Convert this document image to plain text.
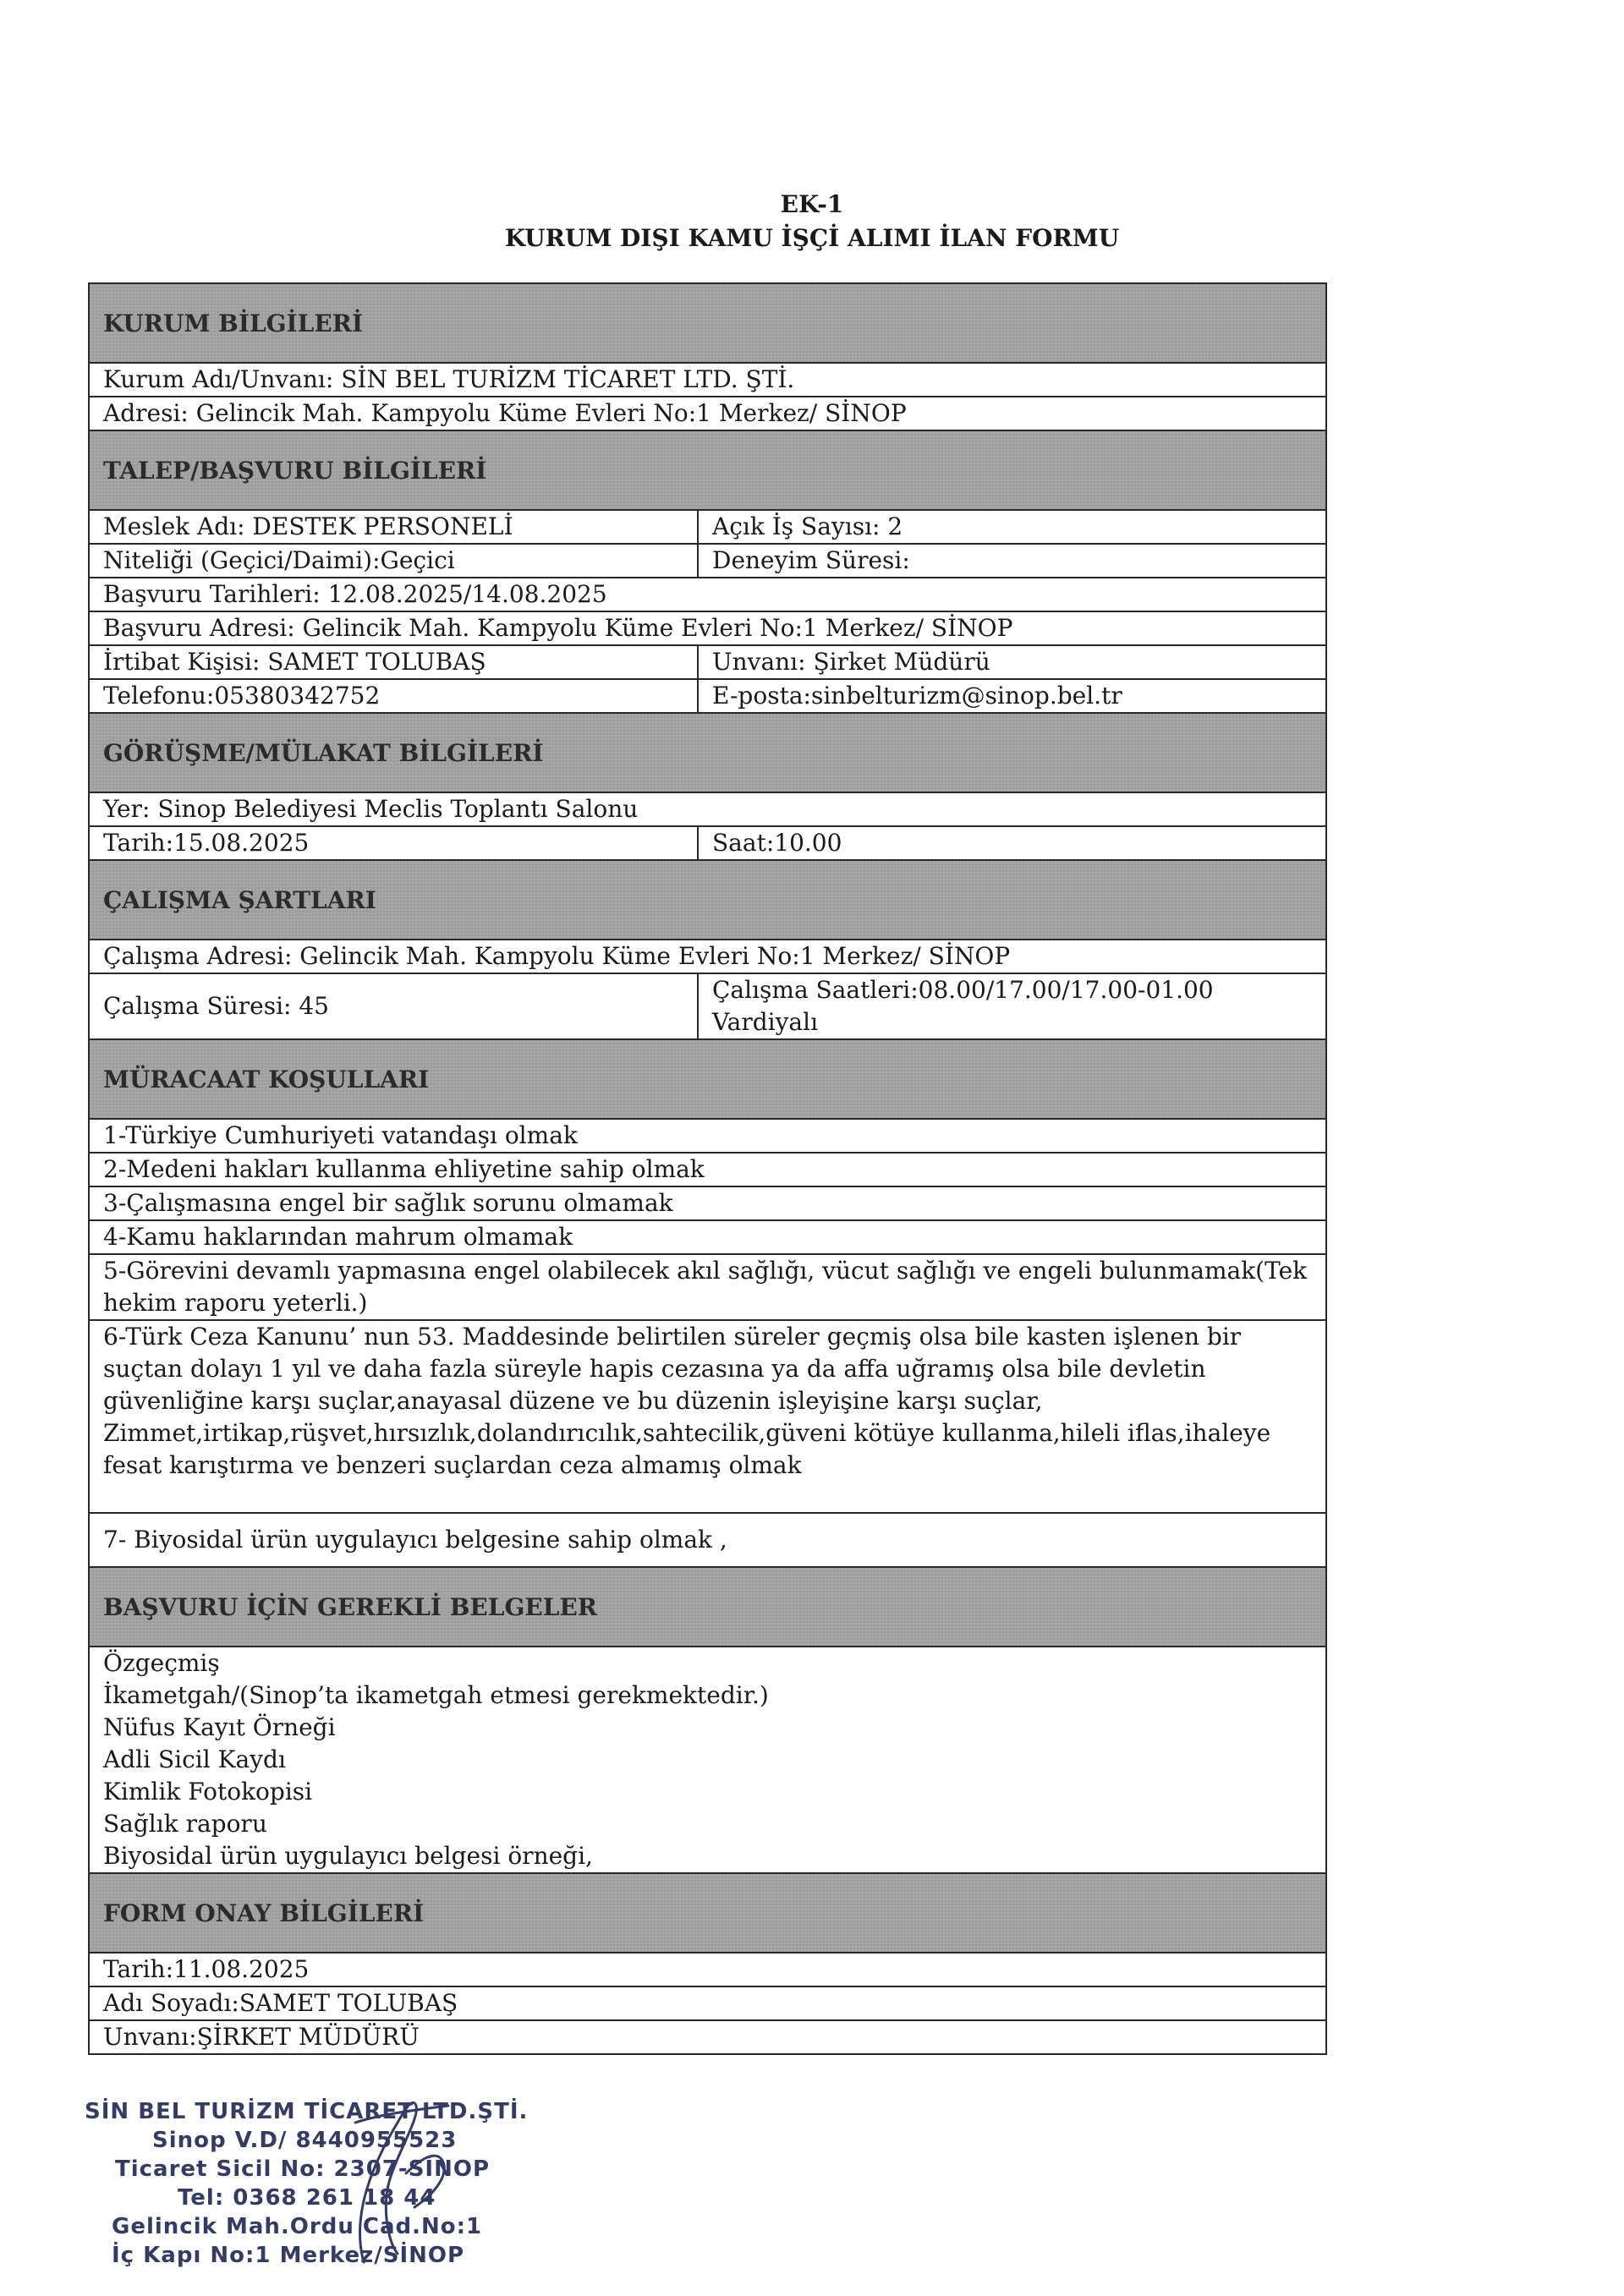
EK-1
KURUM DIŞI KAMU İŞÇİ ALIMI İLAN FORMU
KURUM BİLGİLERİ
Kurum Adı/Unvanı: SİN BEL TURİZM TİCARET LTD. ŞTİ.
Adresi: Gelincik Mah. Kampyolu Küme Evleri No:1 Merkez/ SİNOP
TALEP/BAŞVURU BİLGİLERİ
Meslek Adı: DESTEK PERSONELİ	Açık İş Sayısı: 2
Niteliği (Geçici/Daimi):Geçici	Deneyim Süresi:
Başvuru Tarihleri: 12.08.2025/14.08.2025
Başvuru Adresi: Gelincik Mah. Kampyolu Küme Evleri No:1 Merkez/ SİNOP
İrtibat Kişisi: SAMET TOLUBAŞ	Unvanı: Şirket Müdürü
Telefonu:05380342752	E-posta:sinbelturizm@sinop.bel.tr
GÖRÜŞME/MÜLAKAT BİLGİLERİ
Yer: Sinop Belediyesi Meclis Toplantı Salonu
Tarih:15.08.2025	Saat:10.00
ÇALIŞMA ŞARTLARI
Çalışma Adresi: Gelincik Mah. Kampyolu Küme Evleri No:1 Merkez/ SİNOP
Çalışma Süresi: 45
Çalışma Saatleri:08.00/17.00/17.00-01.00 Vardiyalı
MÜRACAAT KOŞULLARI
1-Türkiye Cumhuriyeti vatandaşı olmak
2-Medeni hakları kullanma ehliyetine sahip olmak
3-Çalışmasına engel bir sağlık sorunu olmamak
4-Kamu haklarından mahrum olmamak
5-Görevini devamlı yapmasına engel olabilecek akıl sağlığı, vücut sağlığı ve engeli bulunmamak(Tek hekim raporu yeterli.)
6-Türk Ceza Kanunu’ nun 53. Maddesinde belirtilen süreler geçmiş olsa bile kasten işlenen bir suçtan dolayı 1 yıl ve daha fazla süreyle hapis cezasına ya da affa uğramış olsa bile devletin güvenliğine karşı suçlar,anayasal düzene ve bu düzenin işleyişine karşı suçlar, Zimmet,irtikap,rüşvet,hırsızlık,dolandırıcılık,sahtecilik,güveni kötüye kullanma,hileli iflas,ihaleye fesat karıştırma ve benzeri suçlardan ceza almamış olmak
7- Biyosidal ürün uygulayıcı belgesine sahip olmak ,
BAŞVURU İÇİN GEREKLİ BELGELER
Özgeçmiş
İkametgah/(Sinop’ta ikametgah etmesi gerekmektedir.)
Nüfus Kayıt Örneği
Adli Sicil Kaydı
Kimlik Fotokopisi
Sağlık raporu
Biyosidal ürün uygulayıcı belgesi örneği,
FORM ONAY BİLGİLERİ
Tarih:11.08.2025
Adı Soyadı:SAMET TOLUBAŞ
Unvanı:ŞİRKET MÜDÜRÜ
SİN BEL TURİZM TİCARET LTD.ŞTİ.
Sinop V.D/ 8440955523
Ticaret Sicil No: 2307-SİNOP
Tel: 0368 261 18 44
Gelincik Mah.Ordu Cad.No:1
İç Kapı No:1 Merkez/SİNOP
